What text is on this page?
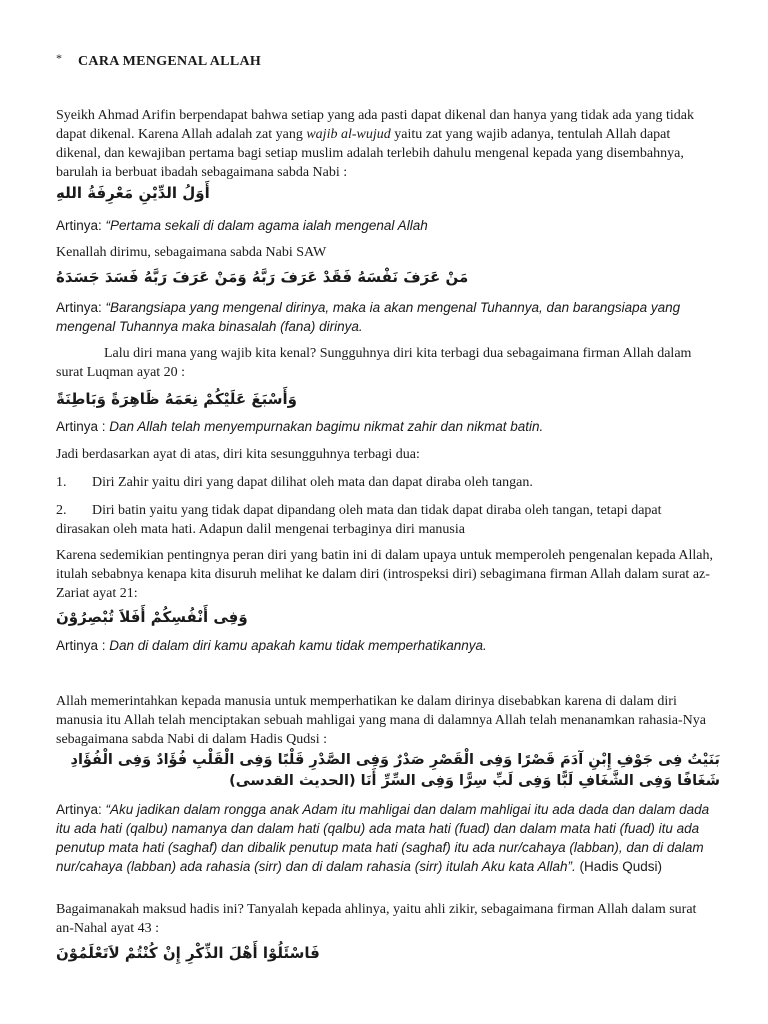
* CARA MENGENAL ALLAH

Syeikh Ahmad Arifin berpendapat bahwa setiap yang ada pasti dapat dikenal dan hanya yang tidak ada yang tidak dapat dikenal. Karena Allah adalah zat yang wajib al-wujud yaitu zat yang wajib adanya, tentulah Allah dapat dikenal, dan kewajiban pertama bagi setiap muslim adalah terlebih dahulu mengenal kepada yang disembahnya, barulah ia berbuat ibadah sebagaimana sabda Nabi :

أَوَلُ الدِّيْنِ مَعْرِفَةُ اللهِ

Artinya: “Pertama sekali di dalam agama ialah mengenal Allah

Kenallah dirimu, sebagaimana sabda Nabi SAW

مَنْ عَرَفَ نَفْسَهُ فَقَدْ عَرَفَ رَبَّهُ وَمَنْ عَرَفَ رَبَّهُ فَسَدَ جَسَدَهُ

Artinya: “Barangsiapa yang mengenal dirinya, maka ia akan mengenal Tuhannya, dan barangsiapa yang mengenal Tuhannya maka binasalah (fana) dirinya.

Lalu diri mana yang wajib kita kenal? Sungguhnya diri kita terbagi dua sebagaimana firman Allah dalam surat Luqman ayat 20 :

وَأَسْبَغَ عَلَيْكُمْ نِعَمَهُ ظَاهِرَةً وَبَاطِنَةً

Artinya : Dan Allah telah menyempurnakan bagimu nikmat zahir dan nikmat batin.

Jadi berdasarkan ayat di atas, diri kita sesungguhnya terbagi dua:

1. Diri Zahir yaitu diri yang dapat dilihat oleh mata dan dapat diraba oleh tangan.

2. Diri batin yaitu yang tidak dapat dipandang oleh mata dan tidak dapat diraba oleh tangan, tetapi dapat dirasakan oleh mata hati. Adapun dalil mengenai terbaginya diri manusia

Karena sedemikian pentingnya peran diri yang batin ini di dalam upaya untuk memperoleh pengenalan kepada Allah, itulah sebabnya kenapa kita disuruh melihat ke dalam diri (introspeksi diri) sebagimana firman Allah dalam surat az-Zariat ayat 21:

وَفِى أَنْفُسِكُمْ أَفَلاَ تُبْصِرُوْنَ

Artinya : Dan di dalam diri kamu apakah kamu tidak memperhatikannya.

Allah memerintahkan kepada manusia untuk memperhatikan ke dalam dirinya disebabkan karena di dalam diri manusia itu Allah telah menciptakan sebuah mahligai yang mana di dalamnya Allah telah menanamkan rahasia-Nya sebagaimana sabda Nabi di dalam Hadis Qudsi :

بَنَيْتُ فِى جَوْفِ إِبْنِ آدَمَ قَصْرًا وَفِى الْقَصْرِ صَدْرٌ وَفِى الصَّدْرِ قَلْبًا وَفِى الْقَلْبِ فُؤَادٌ وَفِى الْفُؤَادِ
شَغَافًا وَفِى الشَّغَافِ لَبًّا وَفِى لَبِّ سِرًّا وَفِى السِّرِّ أَنَا (الحديث القدسى)

Artinya: “Aku jadikan dalam rongga anak Adam itu mahligai dan dalam mahligai itu ada dada dan dalam dada itu ada hati (qalbu) namanya dan dalam hati (qalbu) ada mata hati (fuad) dan dalam mata hati (fuad) itu ada penutup mata hati (saghaf) dan dibalik penutup mata hati (saghaf) itu ada nur/cahaya (labban), dan di dalam nur/cahaya (labban) ada rahasia (sirr) dan di dalam rahasia (sirr) itulah Aku kata Allah”. (Hadis Qudsi)

Bagaimanakah maksud hadis ini? Tanyalah kepada ahlinya, yaitu ahli zikir, sebagaimana firman Allah dalam surat an-Nahal ayat 43 :

فَاسْئَلُوْا أَهْلَ الذِّكْرِ إِنْ كُنْتُمْ لاَتَعْلَمُوْنَ
